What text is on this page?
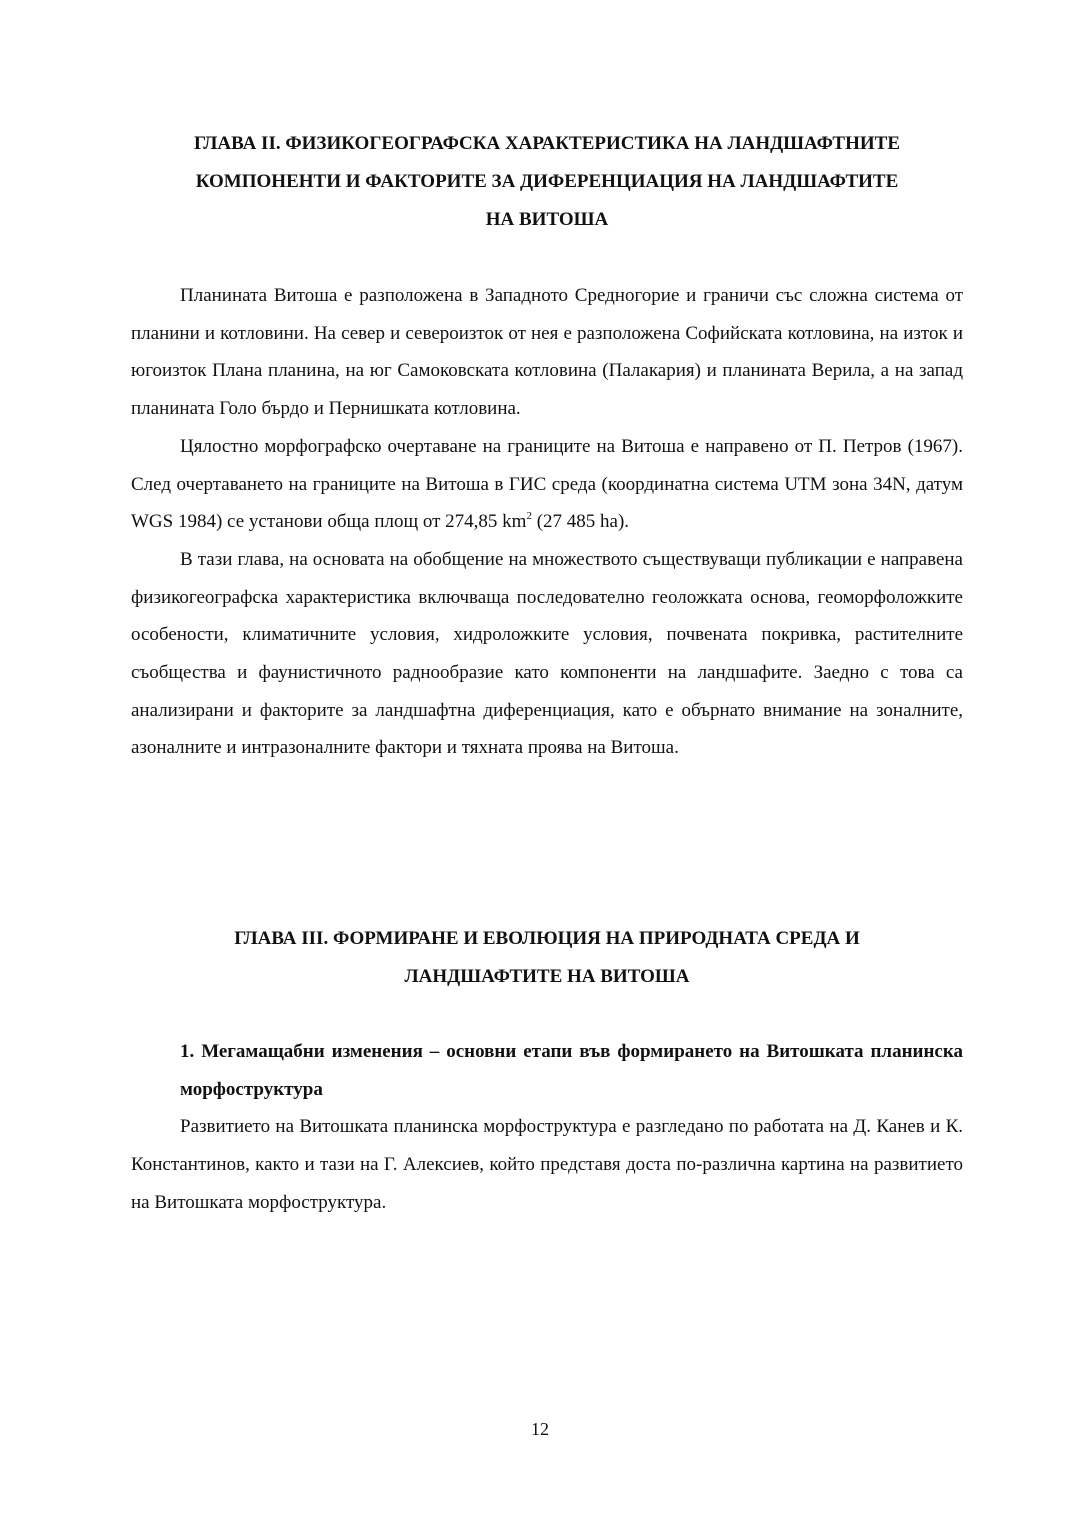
ГЛАВА II. ФИЗИКОГЕОГРАФСКА ХАРАКТЕРИСТИКА НА ЛАНДШАФТНИТЕ
КОМПОНЕНТИ И ФАКТОРИТЕ ЗА ДИФЕРЕНЦИАЦИЯ НА ЛАНДШАФТИТЕ
НА ВИТОША

Планината Витоша е разположена в Западното Средногорие и граничи със сложна система от планини и котловини. На север и североизток от нея е разположена Софийската котловина, на изток и югоизток Плана планина, на юг Самоковската котловина (Палакария) и планината Верила, а на запад планината Голо бърдо и Пернишката котловина.

Цялостно морфографско очертаване на границите на Витоша е направено от П. Петров (1967). След очертаването на границите на Витоша в ГИС среда (координатна система UTM зона 34N, датум WGS 1984) се установи обща площ от 274,85 $km^2$ (27 485 ha).

В тази глава, на основата на обобщение на множеството съществуващи публикации е направена физикогеографска характеристика включваща последователно геоложката основа, геоморфоложките особености, климатичните условия, хидроложките условия, почвената покривка, растителните съобщества и фаунистичното раднообразие като компоненти на ландшафите. Заедно с това са анализирани и факторите за ландшафтна диференциация, като е обърнато внимание на зоналните, азоналните и интразоналните фактори и тяхната проява на Витоша.

ГЛАВА III. ФОРМИРАНЕ И ЕВОЛЮЦИЯ НА ПРИРОДНАТА СРЕДА И
ЛАНДШАФТИТЕ НА ВИТОША
1. Мегамащабни изменения – основни етапи във формирането на Витошката планинска морфоструктура

Развитието на Витошката планинска морфоструктура е разгледано по работата на Д. Канев и К. Константинов, както и тази на Г. Алексиев, който представя доста по-различна картина на развитието на Витошката морфоструктура.

12
